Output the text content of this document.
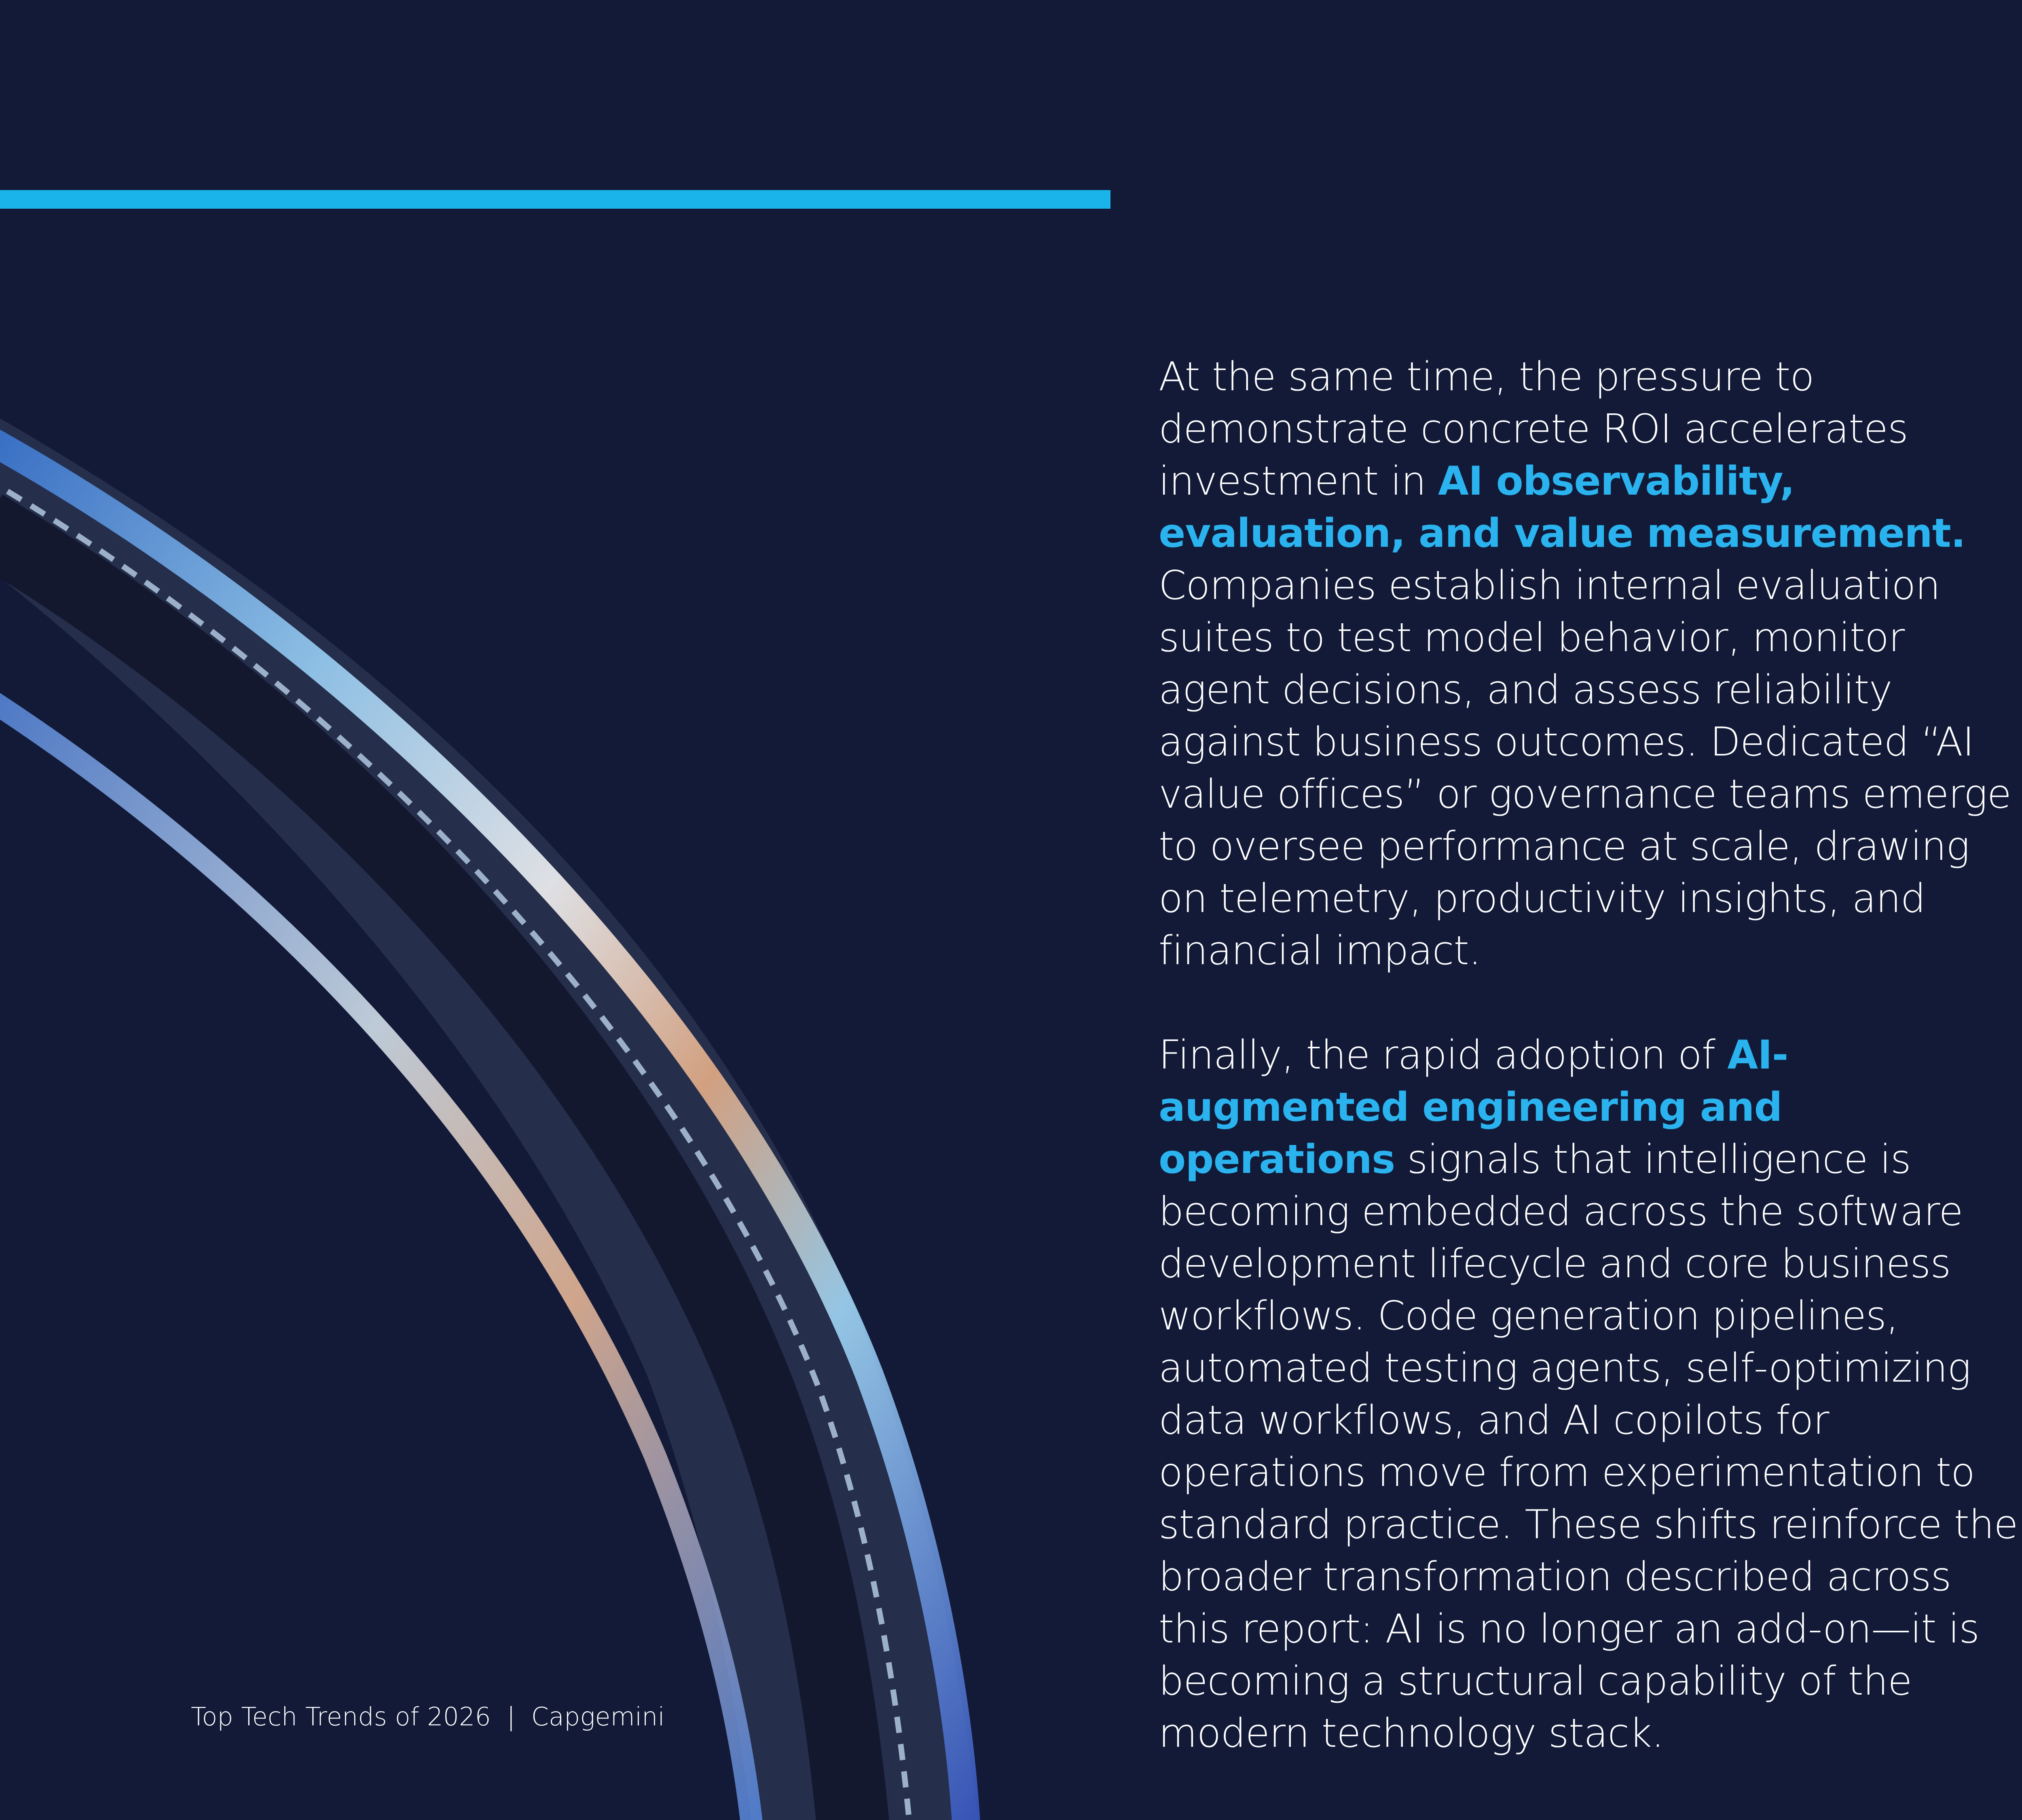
At the same time, the pressure to demonstrate concrete ROI accelerates investment in AI observability, evaluation, and value measurement. Companies establish internal evaluation suites to test model behavior, monitor agent decisions, and assess reliability against business outcomes. Dedicated “AI value offices” or governance teams emerge to oversee performance at scale, drawing on telemetry, productivity insights, and financial impact.

Finally, the rapid adoption of AI-augmented engineering and operations signals that intelligence is becoming embedded across the software development lifecycle and core business workflows. Code generation pipelines, automated testing agents, self-optimizing data workflows, and AI copilots for operations move from experimentation to standard practice. These shifts reinforce the broader transformation described across this report: AI is no longer an add-on—it is becoming a structural capability of the modern technology stack.

Top Tech Trends of 2026  |  Capgemini
